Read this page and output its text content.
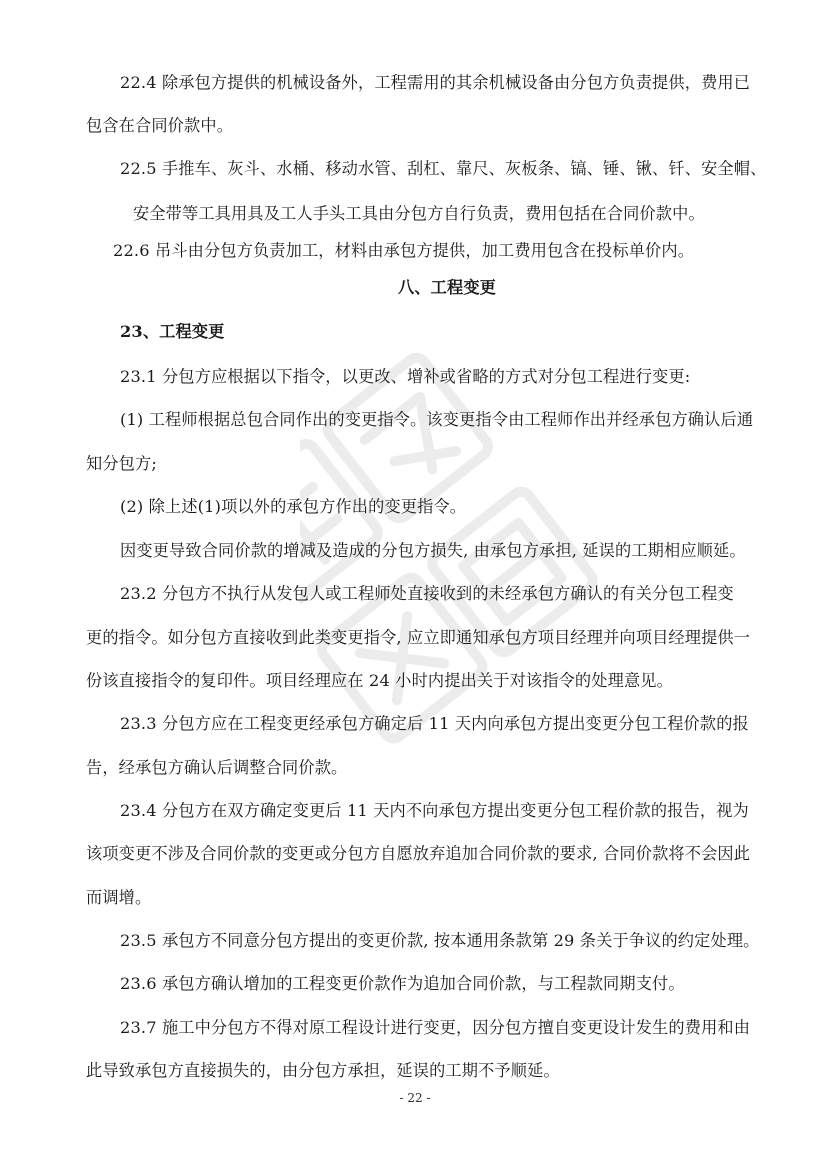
22.4 除承包方提供的机械设备外，工程需用的其余机械设备由分包方负责提供，费用已
包含在合同价款中。
22.5 手推车、灰斗、水桶、移动水管、刮杠、靠尺、灰板条、镐、锤、锹、钎、安全帽、
安全带等工具用具及工人手头工具由分包方自行负责，费用包括在合同价款中。
22.6 吊斗由分包方负责加工，材料由承包方提供，加工费用包含在投标单价内。
八、工程变更
23、工程变更
23.1 分包方应根据以下指令，以更改、增补或省略的方式对分包工程进行变更:
(1) 工程师根据总包合同作出的变更指令。该变更指令由工程师作出并经承包方确认后通
知分包方;
(2) 除上述(1)项以外的承包方作出的变更指令。
因变更导致合同价款的增减及造成的分包方损失, 由承包方承担, 延误的工期相应顺延。
23.2 分包方不执行从发包人或工程师处直接收到的未经承包方确认的有关分包工程变
更的指令。如分包方直接收到此类变更指令, 应立即通知承包方项目经理并向项目经理提供一
份该直接指令的复印件。项目经理应在 24 小时内提出关于对该指令的处理意见。
23.3 分包方应在工程变更经承包方确定后 11 天内向承包方提出变更分包工程价款的报
告，经承包方确认后调整合同价款。
23.4 分包方在双方确定变更后 11 天内不向承包方提出变更分包工程价款的报告，视为
该项变更不涉及合同价款的变更或分包方自愿放弃追加合同价款的要求, 合同价款将不会因此
而调增。
23.5 承包方不同意分包方提出的变更价款, 按本通用条款第 29 条关于争议的约定处理。
23.6 承包方确认增加的工程变更价款作为追加合同价款，与工程款同期支付。
23.7 施工中分包方不得对原工程设计进行变更，因分包方擅自变更设计发生的费用和由
此导致承包方直接损失的，由分包方承担，延误的工期不予顺延。
- 22 -
